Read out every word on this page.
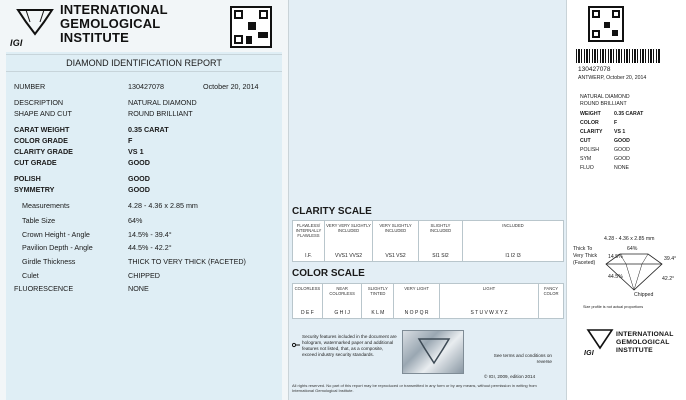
IGI
INTERNATIONAL
GEMOLOGICAL
INSTITUTE
DIAMOND IDENTIFICATION REPORT
NUMBER	130427078	October 20, 2014
DESCRIPTION	NATURAL DIAMOND
SHAPE AND CUT	ROUND BRILLIANT
CARAT WEIGHT	0.35 CARAT
COLOR GRADE	F
CLARITY GRADE	VS 1
CUT GRADE	GOOD
POLISH	GOOD
SYMMETRY	GOOD
Measurements	4.28 - 4.36 x 2.85 mm
Table Size	64%
Crown Height - Angle	14.5% - 39.4°
Pavilion Depth - Angle	44.5% - 42.2°
Girdle Thickness	THICK TO VERY THICK (FACETED)
Culet	CHIPPED
FLUORESCENCE	NONE
CLARITY SCALE
FLAWLESS/ INTERNALLY FLAWLESS
I.F.
VERY VERY SLIGHTLY INCLUDED
VVS1 VVS2
VERY SLIGHTLY INCLUDED
VS1 VS2
SLIGHTLY INCLUDED
SI1 SI2
INCLUDED
I1 I2 I3
COLOR SCALE
COLORLESS
D E F
NEAR COLORLESS
G H I J
SLIGHTLY TINTED
K L M
VERY LIGHT
N O P Q R
LIGHT
S T U V W X Y Z
FANCY COLOR
Security features included in the document are hologram, watermarked paper and additional features not listed, that, as a composite, exceed industry security standards.	See terms and conditions on reverse
© IGI, 2009, edition 2014
All rights reserved. No part of this report may be reproduced or transmitted in any form or by any means, without permission in writing from International Gemological Institute.
130427078
ANTWERP, October 20, 2014
NATURAL DIAMOND
ROUND BRILLIANT
WEIGHT	0.35 CARAT
COLOR	F
CLARITY VS 1
CUT	GOOD
POLISH	GOOD
SYM	GOOD
FLUO	NONE
4.28 - 4.36 x 2.85 mm
64%
14.5%	39.4°
44.5%	42.2°
Thick To Very Thick (Faceted)
Chipped
Size profile is not actual proportions
IGI
INTERNATIONAL
GEMOLOGICAL
INSTITUTE
